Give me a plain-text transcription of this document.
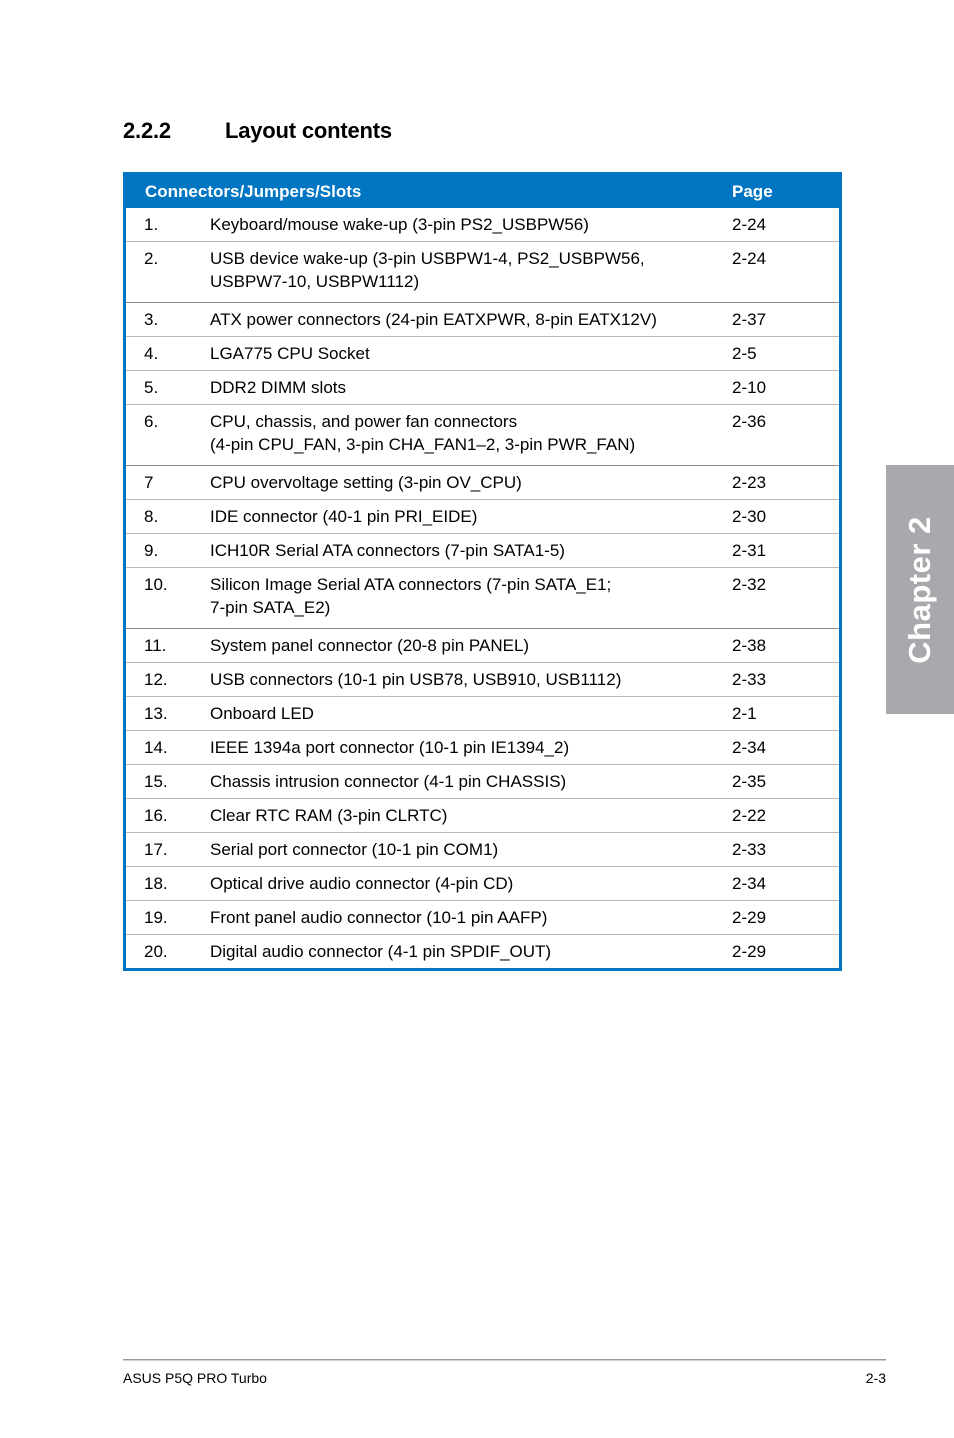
2.2.2 Layout contents
Connectors/Jumpers/Slots		Page
1.	Keyboard/mouse wake-up (3-pin PS2_USBPW56)	2-24
2.	USB device wake-up (3-pin USBPW1-4, PS2_USBPW56,
USBPW7-10, USBPW1112)	2-24
3.	ATX power connectors (24-pin EATXPWR, 8-pin EATX12V)	2-37
4.	LGA775 CPU Socket	2-5
5.	DDR2 DIMM slots	2-10
6.	CPU, chassis, and power fan connectors
(4-pin CPU_FAN, 3-pin CHA_FAN1–2, 3-pin PWR_FAN)	2-36
7	CPU overvoltage setting (3-pin OV_CPU)	2-23
8.	IDE connector (40-1 pin PRI_EIDE)	2-30
9.	ICH10R Serial ATA connectors (7-pin SATA1-5)	2-31
10.	Silicon Image Serial ATA connectors (7-pin SATA_E1;
7-pin SATA_E2)	2-32
11.	System panel connector (20-8 pin PANEL)	2-38
12.	USB connectors (10-1 pin USB78, USB910, USB1112)	2-33
13.	Onboard LED	2-1
14.	IEEE 1394a port connector (10-1 pin IE1394_2)	2-34
15.	Chassis intrusion connector (4-1 pin CHASSIS)	2-35
16.	Clear RTC RAM (3-pin CLRTC)	2-22
17.	Serial port connector (10-1 pin COM1)	2-33
18.	Optical drive audio connector (4-pin CD)	2-34
19.	Front panel audio connector (10-1 pin AAFP)	2-29
20.	Digital audio connector (4-1 pin SPDIF_OUT)	2-29
Chapter 2
ASUS P5Q PRO Turbo	2-3
